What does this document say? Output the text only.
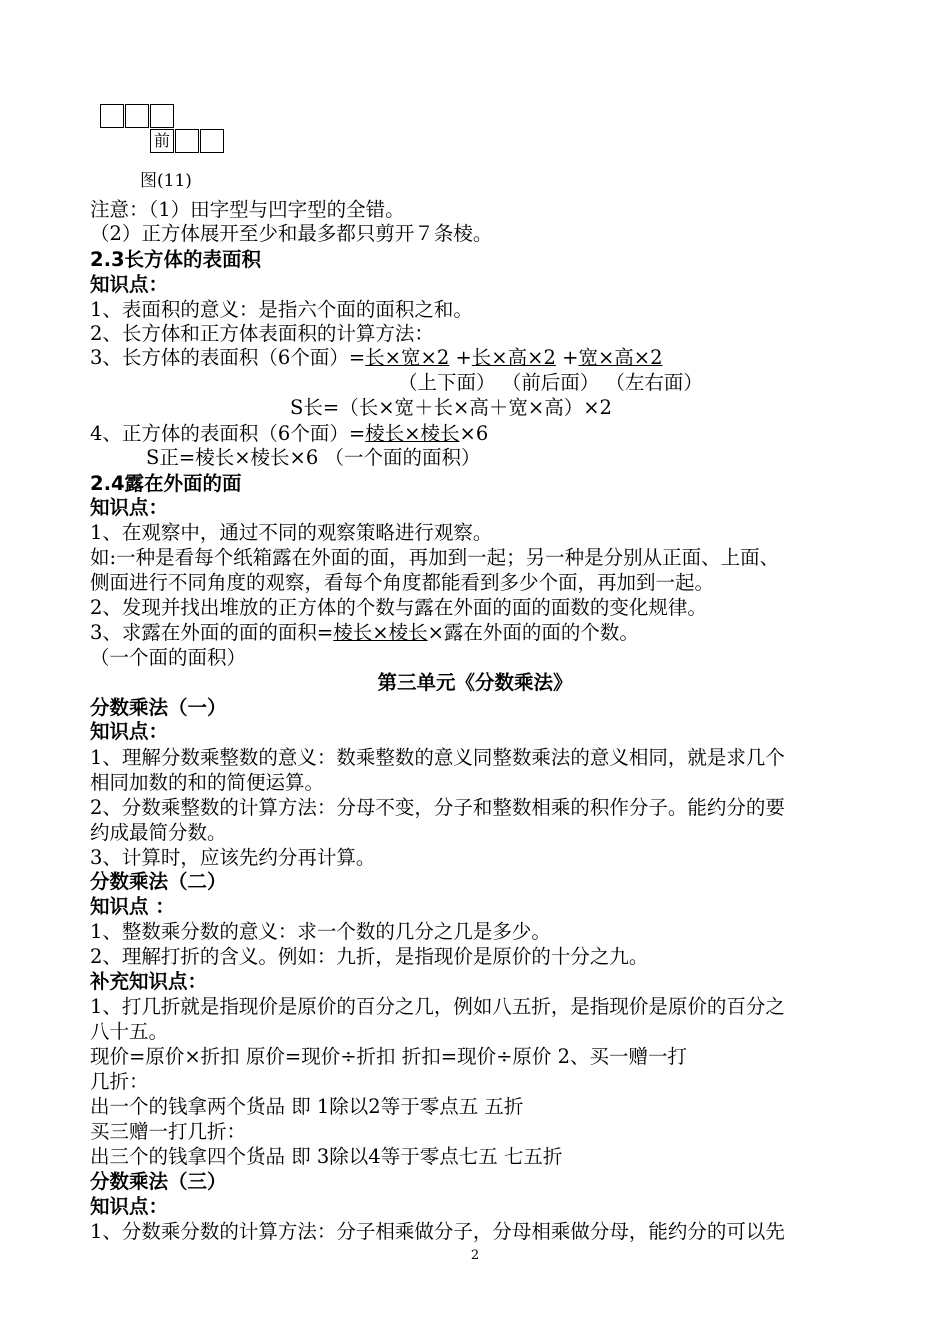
前
图(11)
注意：（1）田字型与凹字型的全错。
（2）正方体展开至少和最多都只剪开７条棱。
2.3长方体的表面积
知识点：
1、表面积的意义：是指六个面的面积之和。
2、长方体和正方体表面积的计算方法：
3、长方体的表面积（6个面）=长×宽×2 +长×高×2 +宽×高×2
（上下面） （前后面） （左右面）
S长=（长×宽＋长×高＋宽×高）×2
4、正方体的表面积（6个面）=棱长×棱长×6
S正=棱长×棱长×6 （一个面的面积）
2.4露在外面的面
知识点：
1、在观察中，通过不同的观察策略进行观察。
如:一种是看每个纸箱露在外面的面，再加到一起；另一种是分别从正面、上面、
侧面进行不同角度的观察，看每个角度都能看到多少个面，再加到一起。
2、发现并找出堆放的正方体的个数与露在外面的面的面数的变化规律。
3、求露在外面的面的面积=棱长×棱长×露在外面的面的个数。
（一个面的面积）
第三单元《分数乘法》
分数乘法（一）
知识点：
1、理解分数乘整数的意义：数乘整数的意义同整数乘法的意义相同，就是求几个
相同加数的和的简便运算。
2、分数乘整数的计算方法：分母不变，分子和整数相乘的积作分子。能约分的要
约成最简分数。
3、计算时，应该先约分再计算。
分数乘法（二）
知识点 ：
1、整数乘分数的意义：求一个数的几分之几是多少。
2、理解打折的含义。例如：九折，是指现价是原价的十分之九。
补充知识点：
1、打几折就是指现价是原价的百分之几，例如八五折，是指现价是原价的百分之
八十五。
现价=原价×折扣 原价=现价÷折扣 折扣=现价÷原价 2、买一赠一打
几折：
出一个的钱拿两个货品 即 1除以2等于零点五 五折
买三赠一打几折：
出三个的钱拿四个货品 即 3除以4等于零点七五 七五折
分数乘法（三）
知识点：
1、分数乘分数的计算方法：分子相乘做分子，分母相乘做分母，能约分的可以先
2
